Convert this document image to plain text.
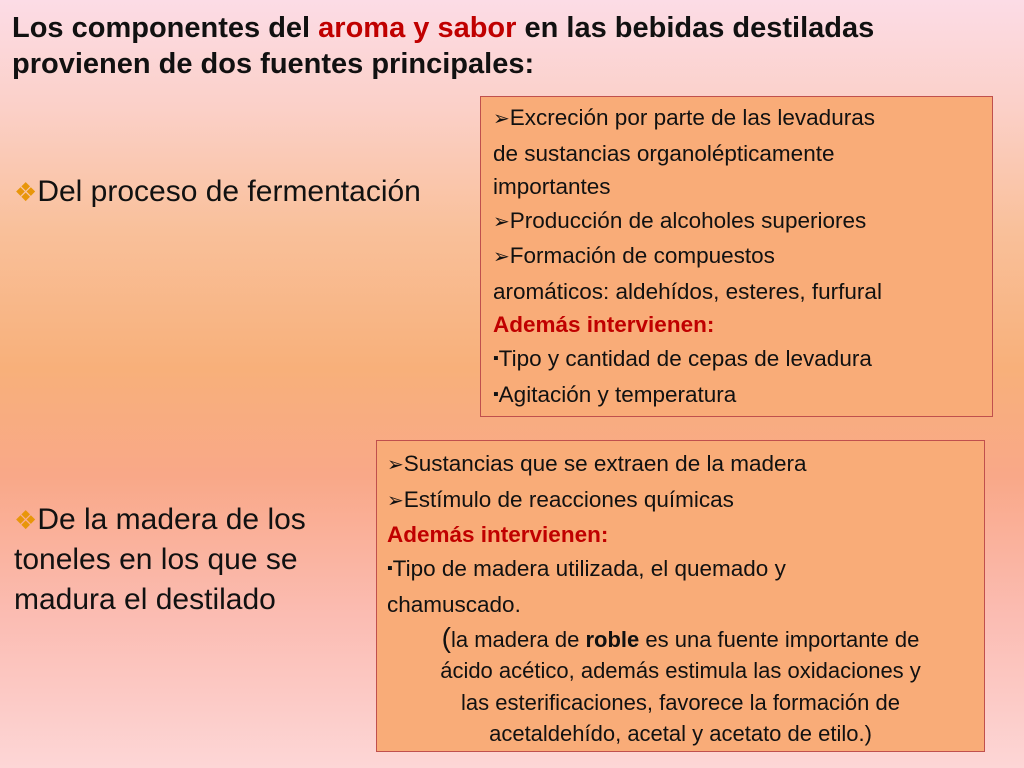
Los componentes del aroma y sabor en las bebidas destiladas provienen de dos fuentes principales:
❖Del proceso de fermentación
❖De la madera de los
toneles en los que se
madura el destilado
➢Excreción por parte de las levaduras
de sustancias organolépticamente
importantes
➢Producción de alcoholes superiores
➢Formación de compuestos
aromáticos: aldehídos, esteres, furfural
Además intervienen:
▪Tipo y cantidad de cepas de levadura
▪Agitación y temperatura
➢Sustancias que se extraen de la madera
➢Estímulo de reacciones químicas
Además intervienen:
▪Tipo de madera utilizada, el quemado y
chamuscado.
(la madera de roble es una fuente importante de
ácido acético, además estimula las oxidaciones y
las esterificaciones, favorece la formación de
acetaldehído, acetal y acetato de etilo.)
